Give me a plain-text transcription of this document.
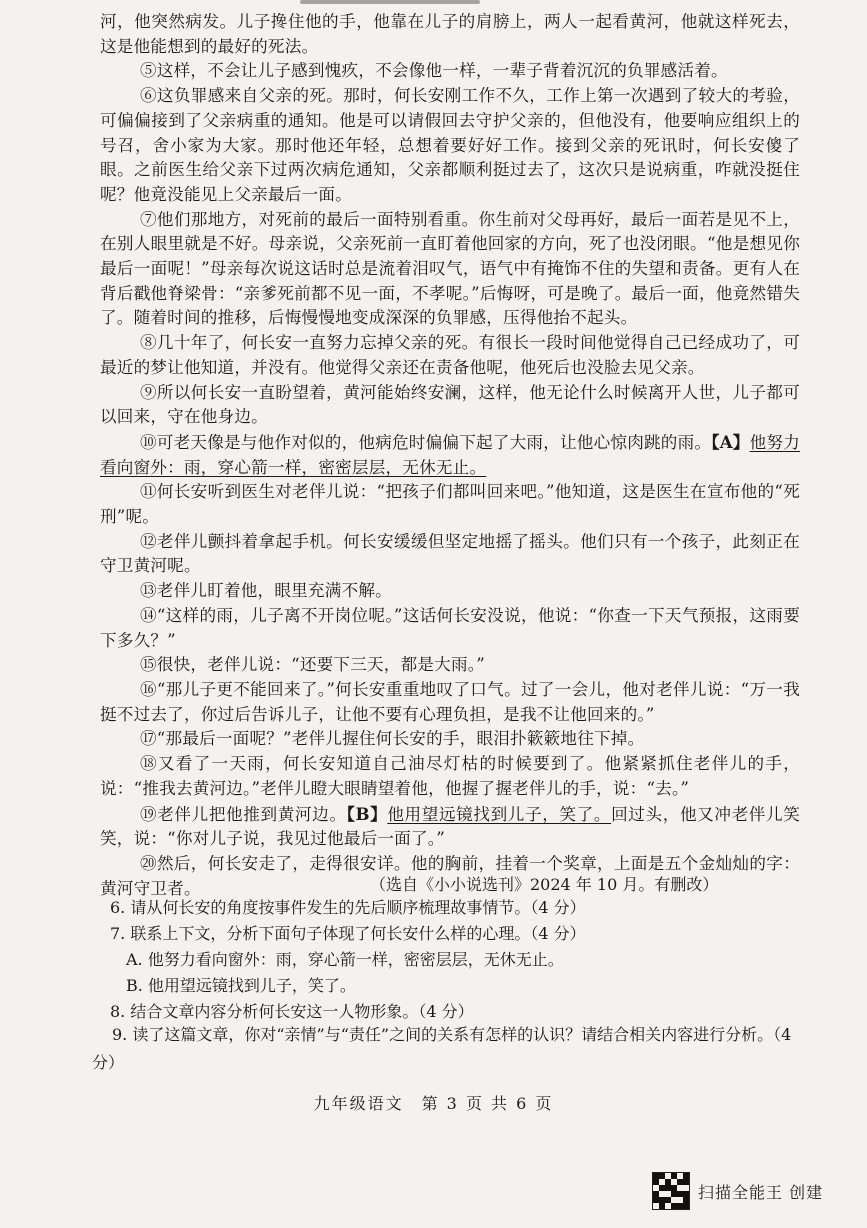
河，他突然病发。儿子搀住他的手，他靠在儿子的肩膀上，两人一起看黄河，他就这样死去，这是他能想到的最好的死法。

⑤这样，不会让儿子感到愧疚，不会像他一样，一辈子背着沉沉的负罪感活着。

⑥这负罪感来自父亲的死。那时，何长安刚工作不久，工作上第一次遇到了较大的考验，可偏偏接到了父亲病重的通知。他是可以请假回去守护父亲的，但他没有，他要响应组织上的号召，舍小家为大家。那时他还年轻，总想着要好好工作。接到父亲的死讯时，何长安傻了眼。之前医生给父亲下过两次病危通知，父亲都顺利挺过去了，这次只是说病重，咋就没挺住呢？他竟没能见上父亲最后一面。

⑦他们那地方，对死前的最后一面特别看重。你生前对父母再好，最后一面若是见不上，在别人眼里就是不好。母亲说，父亲死前一直盯着他回家的方向，死了也没闭眼。“他是想见你最后一面呢！”母亲每次说这话时总是流着泪叹气，语气中有掩饰不住的失望和责备。更有人在背后戳他脊梁骨：“亲爹死前都不见一面，不孝呢。”后悔呀，可是晚了。最后一面，他竟然错失了。随着时间的推移，后悔慢慢地变成深深的负罪感，压得他抬不起头。

⑧几十年了，何长安一直努力忘掉父亲的死。有很长一段时间他觉得自己已经成功了，可最近的梦让他知道，并没有。他觉得父亲还在责备他呢，他死后也没脸去见父亲。

⑨所以何长安一直盼望着，黄河能始终安澜，这样，他无论什么时候离开人世，儿子都可以回来，守在他身边。

⑩可老天像是与他作对似的，他病危时偏偏下起了大雨，让他心惊肉跳的雨。【A】他努力看向窗外：雨，穿心箭一样，密密层层，无休无止。

⑪何长安听到医生对老伴儿说：“把孩子们都叫回来吧。”他知道，这是医生在宣布他的“死刑”呢。

⑫老伴儿颤抖着拿起手机。何长安缓缓但坚定地摇了摇头。他们只有一个孩子，此刻正在守卫黄河呢。

⑬老伴儿盯着他，眼里充满不解。

⑭“这样的雨，儿子离不开岗位呢。”这话何长安没说，他说：“你查一下天气预报，这雨要下多久？”

⑮很快，老伴儿说：“还要下三天，都是大雨。”

⑯“那儿子更不能回来了。”何长安重重地叹了口气。过了一会儿，他对老伴儿说：“万一我挺不过去了，你过后告诉儿子，让他不要有心理负担，是我不让他回来的。”

⑰“那最后一面呢？”老伴儿握住何长安的手，眼泪扑簌簌地往下掉。

⑱又看了一天雨，何长安知道自己油尽灯枯的时候要到了。他紧紧抓住老伴儿的手，说：“推我去黄河边。”老伴儿瞪大眼睛望着他，他握了握老伴儿的手，说：“去。”

⑲老伴儿把他推到黄河边。【B】他用望远镜找到儿子，笑了。回过头，他又冲老伴儿笑笑，说：“你对儿子说，我见过他最后一面了。”

⑳然后，何长安走了，走得很安详。他的胸前，挂着一个奖章，上面是五个金灿灿的字：黄河守卫者。	（选自《小小说选刊》2024 年 10 月。有删改）

6. 请从何长安的角度按事件发生的先后顺序梳理故事情节。（4 分）

7. 联系上下文，分析下面句子体现了何长安什么样的心理。（4 分）

A. 他努力看向窗外：雨，穿心箭一样，密密层层，无休无止。

B. 他用望远镜找到儿子，笑了。

8. 结合文章内容分析何长安这一人物形象。（4 分）

9. 读了这篇文章，你对“亲情”与“责任”之间的关系有怎样的认识？请结合相关内容进行分析。（4 分）

九年级语文　第 3 页 共 6 页
扫描全能王 创建
